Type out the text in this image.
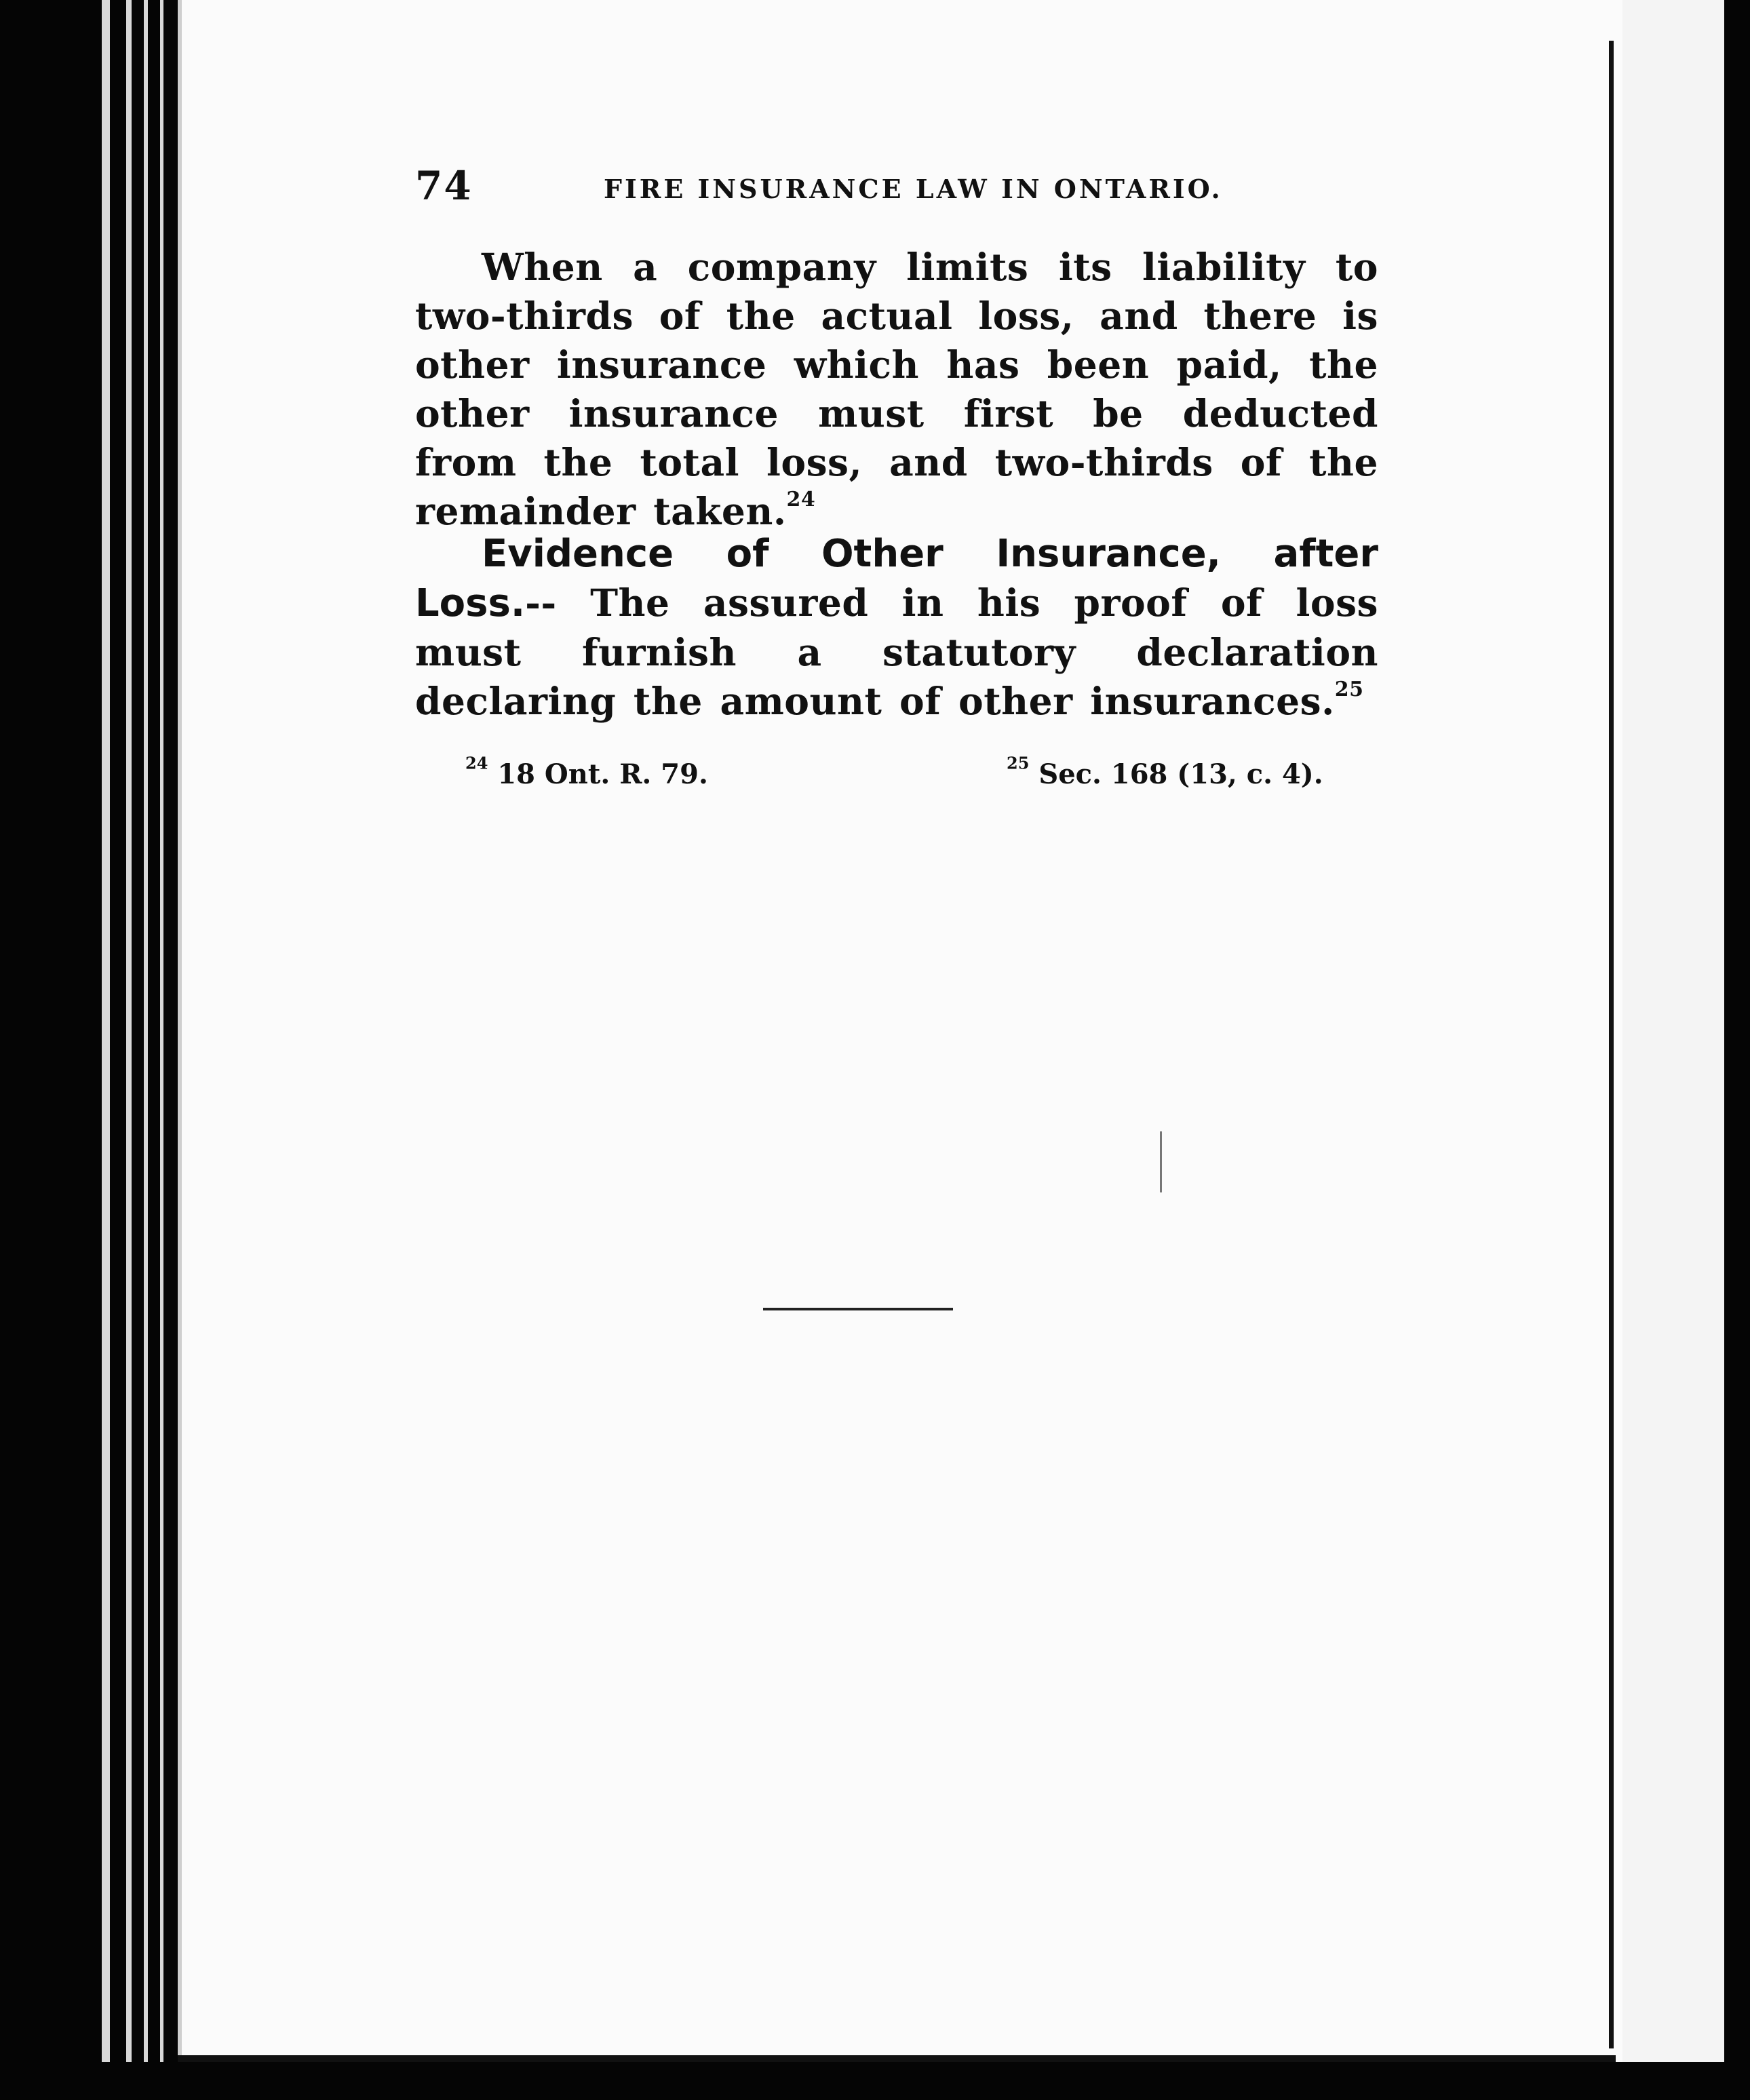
74	FIRE INSURANCE LAW IN ONTARIO.
When a company limits its liability to two-thirds of the actual loss, and there is other insurance which has been paid, the other insurance must first be deducted from the total loss, and two-thirds of the remainder taken.$^{24}$
Evidence of Other Insurance, after Loss.-- The assured in his proof of loss must furnish a statutory declaration declaring the amount of other insurances.$^{25}$
$^{24}$ 18 Ont. R. 79.	$^{25}$ Sec. 168 (13, c. 4).
